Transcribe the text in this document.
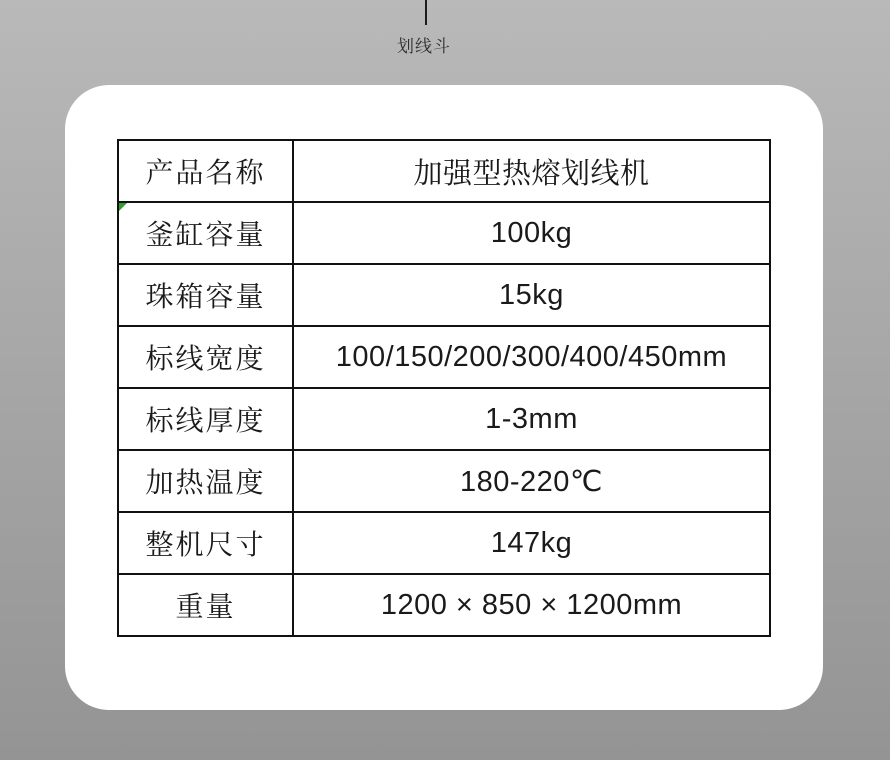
划线斗
产品名称	加强型热熔划线机

釜缸容量	100kg
珠箱容量	15kg
标线宽度	100/150/200/300/400/450mm
标线厚度	1-3mm
加热温度	180-220℃
整机尺寸	147kg
重量	1200 × 850 × 1200mm
